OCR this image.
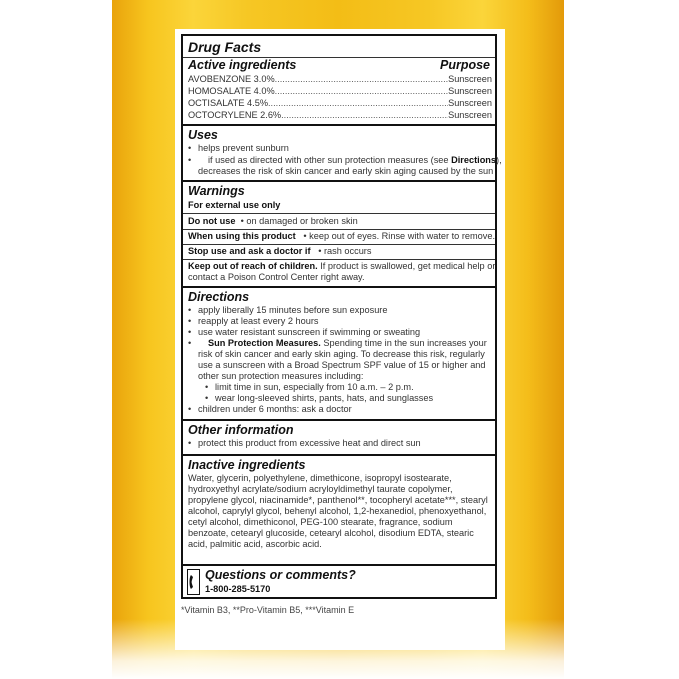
Drug Facts
Active ingredients	Purpose
AVOBENZONE 3.0% .....	Sunscreen
HOMOSALATE 4.0% .....	Sunscreen
OCTISALATE 4.5% .....	Sunscreen
OCTOCRYLENE 2.6% .....	Sunscreen
Uses
• helps prevent sunburn
• if used as directed with other sun protection measures (see Directions),
decreases the risk of skin cancer and early skin aging caused by the sun
Warnings
For external use only
Do not use • on damaged or broken skin
When using this product • keep out of eyes. Rinse with water to remove.
Stop use and ask a doctor if • rash occurs
Keep out of reach of children. If product is swallowed, get medical help or
contact a Poison Control Center right away.
Directions
• apply liberally 15 minutes before sun exposure
• reapply at least every 2 hours
• use water resistant sunscreen if swimming or sweating
• Sun Protection Measures. Spending time in the sun increases your
risk of skin cancer and early skin aging. To decrease this risk, regularly
use a sunscreen with a Broad Spectrum SPF value of 15 or higher and
other sun protection measures including:
• limit time in sun, especially from 10 a.m. – 2 p.m.
• wear long-sleeved shirts, pants, hats, and sunglasses
• children under 6 months: ask a doctor
Other information
• protect this product from excessive heat and direct sun
Inactive ingredients
Water, glycerin, polyethylene, dimethicone, isopropyl isostearate,
hydroxyethyl acrylate/sodium acryloyldimethyl taurate copolymer,
propylene glycol, niacinamide*, panthenol**, tocopheryl acetate***, stearyl
alcohol, caprylyl glycol, behenyl alcohol, 1,2-hexanediol, phenoxyethanol,
cetyl alcohol, dimethiconol, PEG-100 stearate, fragrance, sodium
benzoate, cetearyl glucoside, cetearyl alcohol, disodium EDTA, stearic
acid, palmitic acid, ascorbic acid.
Questions or comments?
1-800-285-5170
*Vitamin B3, **Pro-Vitamin B5, ***Vitamin E
